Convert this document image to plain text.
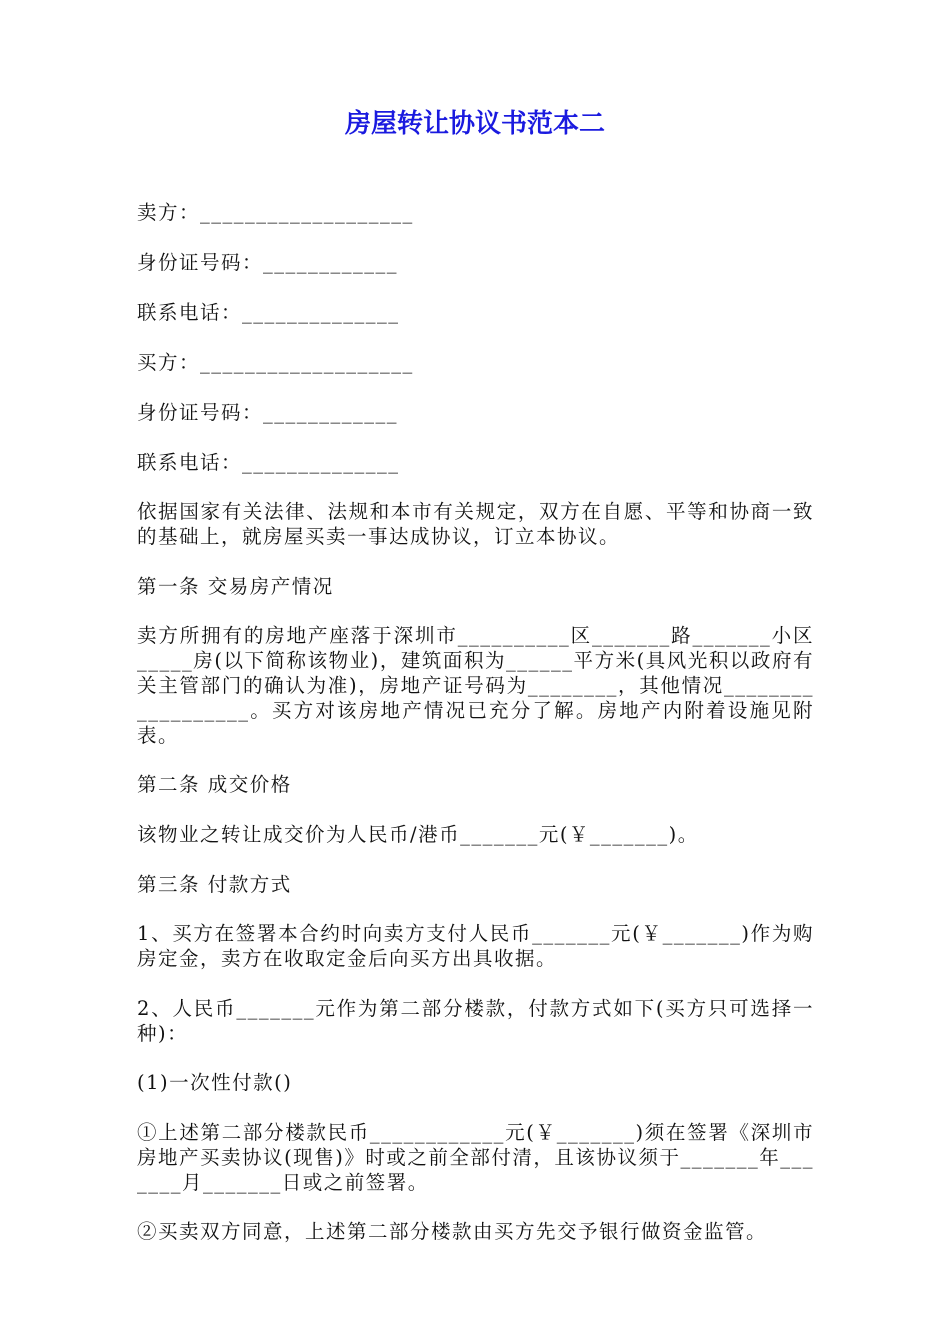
房屋转让协议书范本二
卖方：___________________
身份证号码：____________
联系电话：______________
买方：___________________
身份证号码：____________
联系电话：______________
依据国家有关法律、法规和本市有关规定，双方在自愿、平等和协商一致的基础上，就房屋买卖一事达成协议，订立本协议。
第一条 交易房产情况
卖方所拥有的房地产座落于深圳市__________区_______路_______小区_____房(以下简称该物业)，建筑面积为______平方米(具风光积以政府有关主管部门的确认为准)，房地产证号码为________，其他情况__________________。买方对该房地产情况已充分了解。房地产内附着设施见附表。
第二条 成交价格
该物业之转让成交价为人民币/港币_______元(￥_______)。
第三条 付款方式
1、买方在签署本合约时向卖方支付人民币_______元(￥_______)作为购房定金，卖方在收取定金后向买方出具收据。
2、人民币_______元作为第二部分楼款，付款方式如下(买方只可选择一种)：
(1)一次性付款()
①上述第二部分楼款民币____________元(￥_______)须在签署《深圳市房地产买卖协议(现售)》时或之前全部付清，且该协议须于_______年_______月_______日或之前签署。
②买卖双方同意，上述第二部分楼款由买方先交予银行做资金监管。
